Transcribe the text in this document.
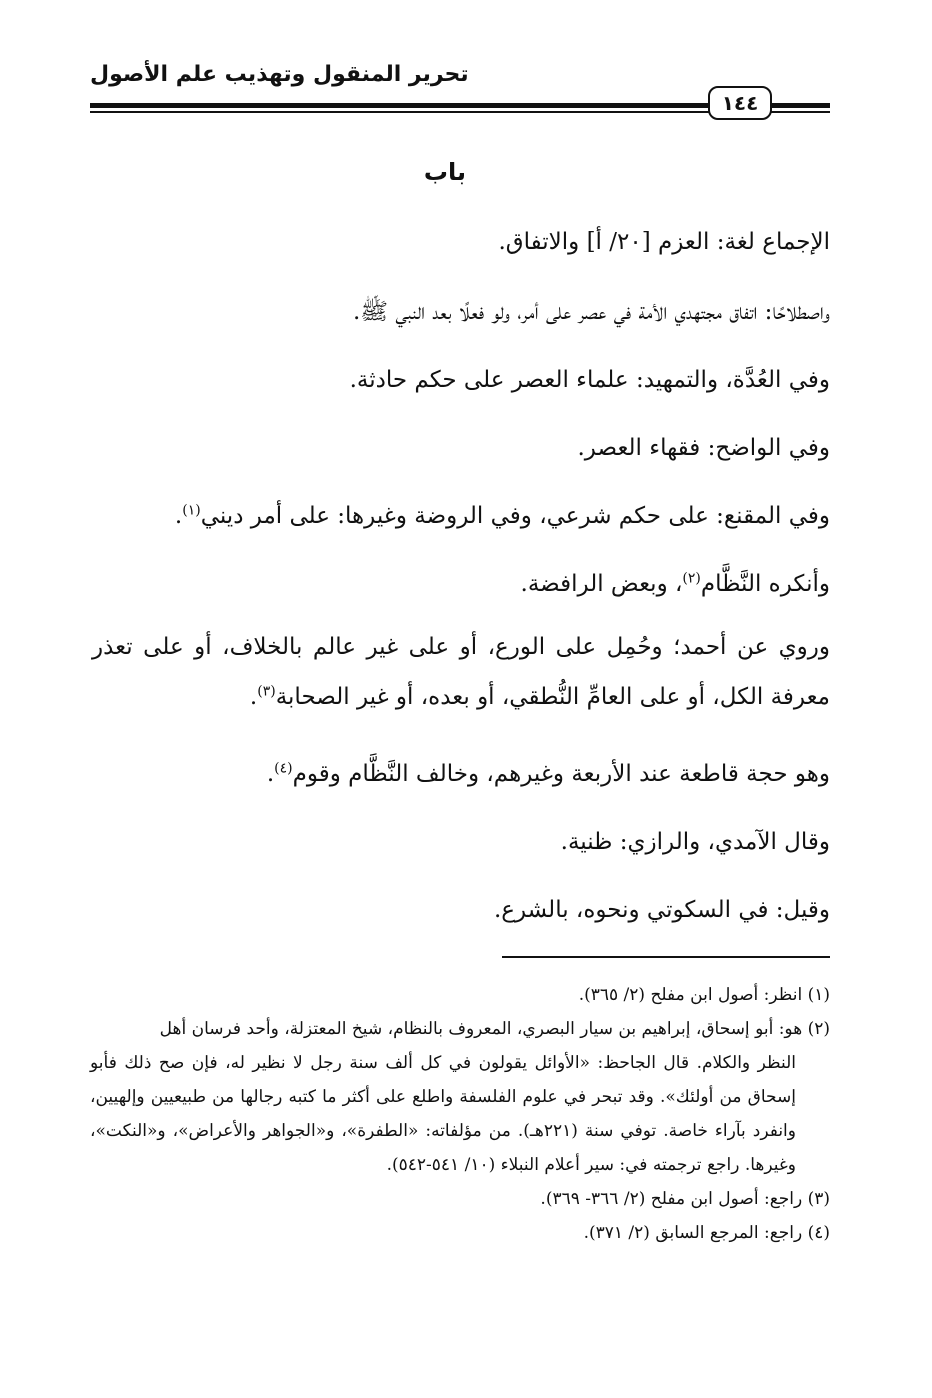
تحرير المنقول وتهذيب علم الأصول
١٤٤
باب
الإجماع لغة: العزم [٢٠/ أ] والاتفاق.
واصطلاحًا: اتفاق مجتهدي الأمة في عصر على أمر، ولو فعلًا بعد النبي ﷺ.
وفي العُدَّة، والتمهيد: علماء العصر على حكم حادثة.
وفي الواضح: فقهاء العصر.
وفي المقنع: على حكم شرعي، وفي الروضة وغيرها: على أمر ديني$^{(١)}$.
وأنكره النَّظَّام$^{(٢)}$، وبعض الرافضة.
وروي عن أحمد؛ وحُمِل على الورع، أو على غير عالم بالخلاف، أو على تعذر معرفة الكل، أو على العامِّ النُّطقي، أو بعده، أو غير الصحابة$^{(٣)}$.
وهو حجة قاطعة عند الأربعة وغيرهم، وخالف النَّظَّام وقوم$^{(٤)}$.
وقال الآمدي، والرازي: ظنية.
وقيل: في السكوتي ونحوه، بالشرع.

(١) انظر: أصول ابن مفلح (٢/ ٣٦٥).

(٢) هو: أبو إسحاق، إبراهيم بن سيار البصري، المعروف بالنظام، شيخ المعتزلة، وأحد فرسان أهل

النظر والكلام. قال الجاحظ: «الأوائل يقولون في كل ألف سنة رجل لا نظير له، فإن صح ذلك فأبو إسحاق من أولئك». وقد تبحر في علوم الفلسفة واطلع على أكثر ما كتبه رجالها من طبيعيين وإلهيين، وانفرد بآراء خاصة. توفي سنة (٢٢١هـ). من مؤلفاته: «الطفرة»، و«الجواهر والأعراض»، و«النكت»، وغيرها. راجع ترجمته في: سير أعلام النبلاء (١٠/ ٥٤١-٥٤٢).

(٣) راجع: أصول ابن مفلح (٢/ ٣٦٦- ٣٦٩).

(٤) راجع: المرجع السابق (٢/ ٣٧١).
